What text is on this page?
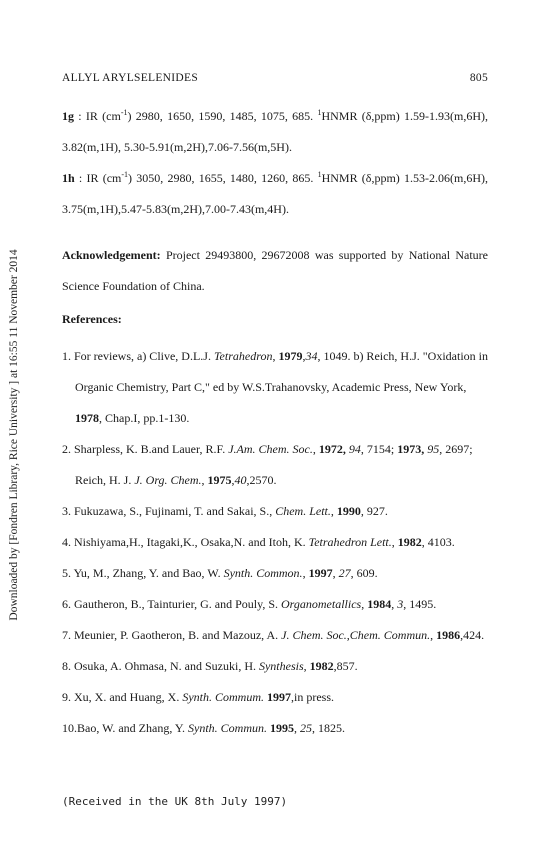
Downloaded by [Fondren Library, Rice University ] at 16:55 11 November 2014
ALLYL ARYLSELENIDES	805

1g : IR $(cm^{-1})$ 2980, 1650, 1590, 1485, 1075, 685. $^1$HNMR (δ,ppm) 1.59-1.93(m,6H), 3.82(m,1H), 5.30-5.91(m,2H),7.06-7.56(m,5H).

1h : IR $(cm^{-1})$ 3050, 2980, 1655, 1480, 1260, 865. $^1$HNMR (δ,ppm) 1.53-2.06(m,6H), 3.75(m,1H),5.47-5.83(m,2H),7.00-7.43(m,4H).

Acknowledgement: Project 29493800, 29672008 was supported by National Nature Science Foundation of China.

References:

1. For reviews, a) Clive, D.L.J. Tetrahedron, 1979,34, 1049. b) Reich, H.J. "Oxidation in Organic Chemistry, Part C," ed by W.S.Trahanovsky, Academic Press, New York, 1978, Chap.I, pp.1-130.
2. Sharpless, K. B.and Lauer, R.F. J.Am. Chem. Soc., 1972, 94, 7154; 1973, 95, 2697; Reich, H. J. J. Org. Chem., 1975,40,2570.
3. Fukuzawa, S., Fujinami, T. and Sakai, S., Chem. Lett., 1990, 927.
4. Nishiyama,H., Itagaki,K., Osaka,N. and Itoh, K. Tetrahedron Lett., 1982, 4103.
5. Yu, M., Zhang, Y. and Bao, W. Synth. Common., 1997, 27, 609.
6. Gautheron, B., Tainturier, G. and Pouly, S. Organometallics, 1984, 3, 1495.
7. Meunier, P. Gaotheron, B. and Mazouz, A. J. Chem. Soc.,Chem. Commun., 1986,424.
8. Osuka, A. Ohmasa, N. and Suzuki, H. Synthesis, 1982,857.
9. Xu, X. and Huang, X. Synth. Commum. 1997,in press.
10.Bao, W. and Zhang, Y. Synth. Commun. 1995, 25, 1825.
(Received in the UK 8th July 1997)
